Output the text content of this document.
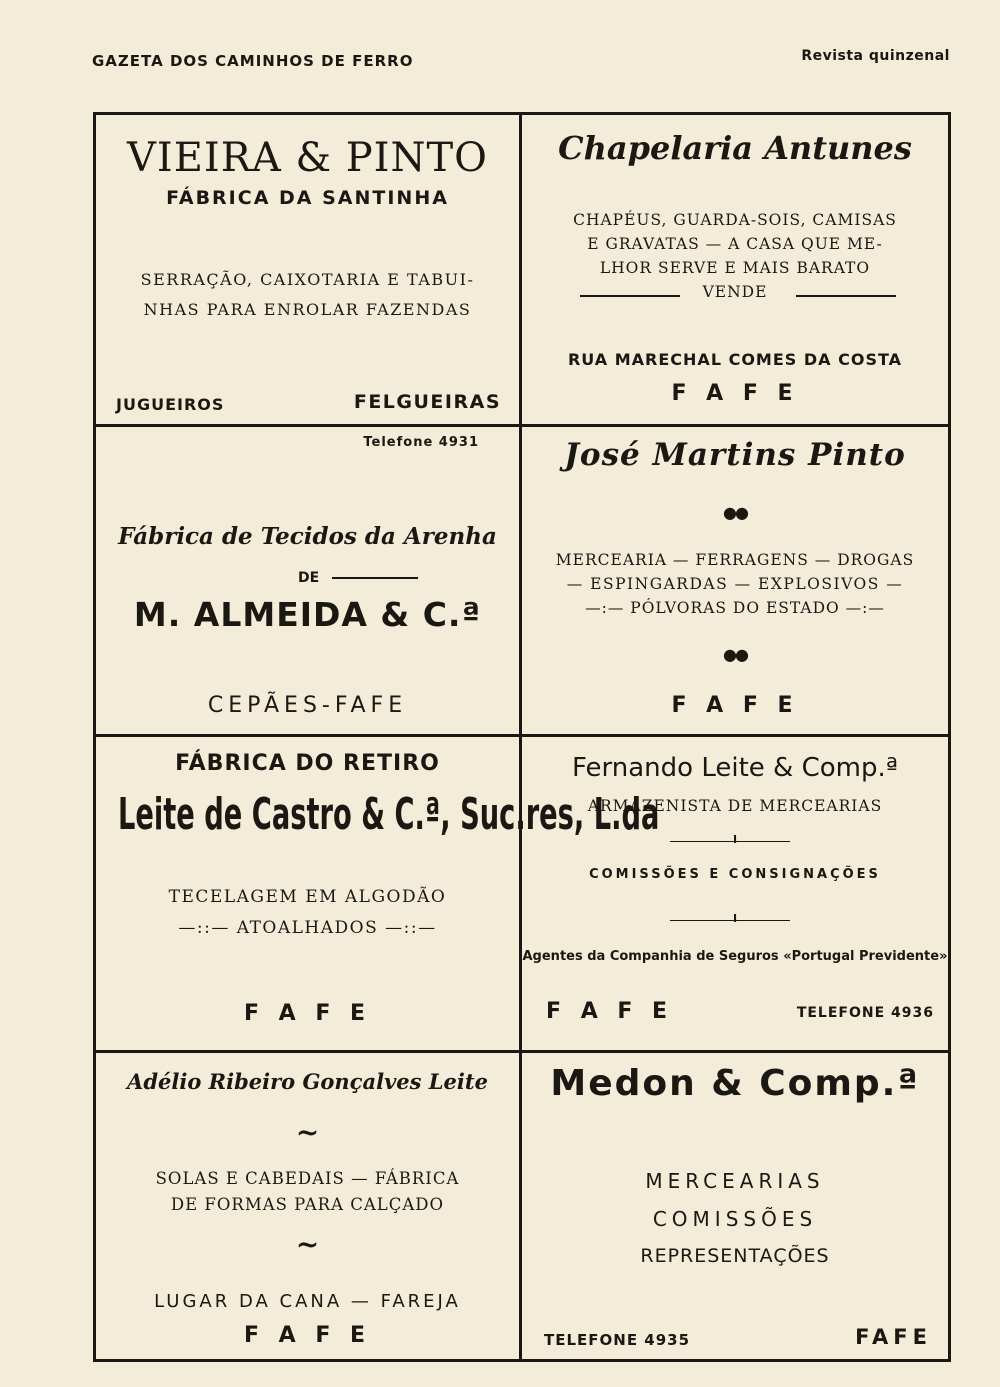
GAZETA DOS CAMINHOS DE FERRO	Revista quinzenal
VIEIRA & PINTO
FÁBRICA DA SANTINHA
SERRAÇÃO, CAIXOTARIA E TABUI-
NHAS PARA ENROLAR FAZENDAS
JUGUEIROS	FELGUEIRAS
Chapelaria Antunes
CHAPÉUS, GUARDA-SOIS, CAMISAS
E GRAVATAS — A CASA QUE ME-
LHOR SERVE E MAIS BARATO
VENDE
RUA MARECHAL COMES DA COSTA
F A F E
Telefone 4931
Fábrica de Tecidos da Arenha
DE
M. ALMEIDA & C.ª
CEPÃES-FAFE
José Martins Pinto
●●
MERCEARIA — FERRAGENS — DROGAS
— ESPINGARDAS — EXPLOSIVOS —
—:— PÓLVORAS DO ESTADO —:—
●●
F A F E
FÁBRICA DO RETIRO
Leite de Castro & C.ª, Suc.res, L.da
TECELAGEM EM ALGODÃO
—::— ATOALHADOS —::—
F A F E
Fernando Leite & Comp.ª
ARMAZENISTA DE MERCEARIAS
I
COMISSÕES E CONSIGNAÇÕES
I
Agentes da Companhia de Seguros «Portugal Previdente»
F A F E	TELEFONE 4936
Adélio Ribeiro Gonçalves Leite
~
SOLAS E CABEDAIS — FÁBRICA
DE FORMAS PARA CALÇADO
~
LUGAR DA CANA — FAREJA
F A F E
Medon & Comp.ª
MERCEARIAS
COMISSÕES
REPRESENTAÇÕES
TELEFONE 4935	FAFE
